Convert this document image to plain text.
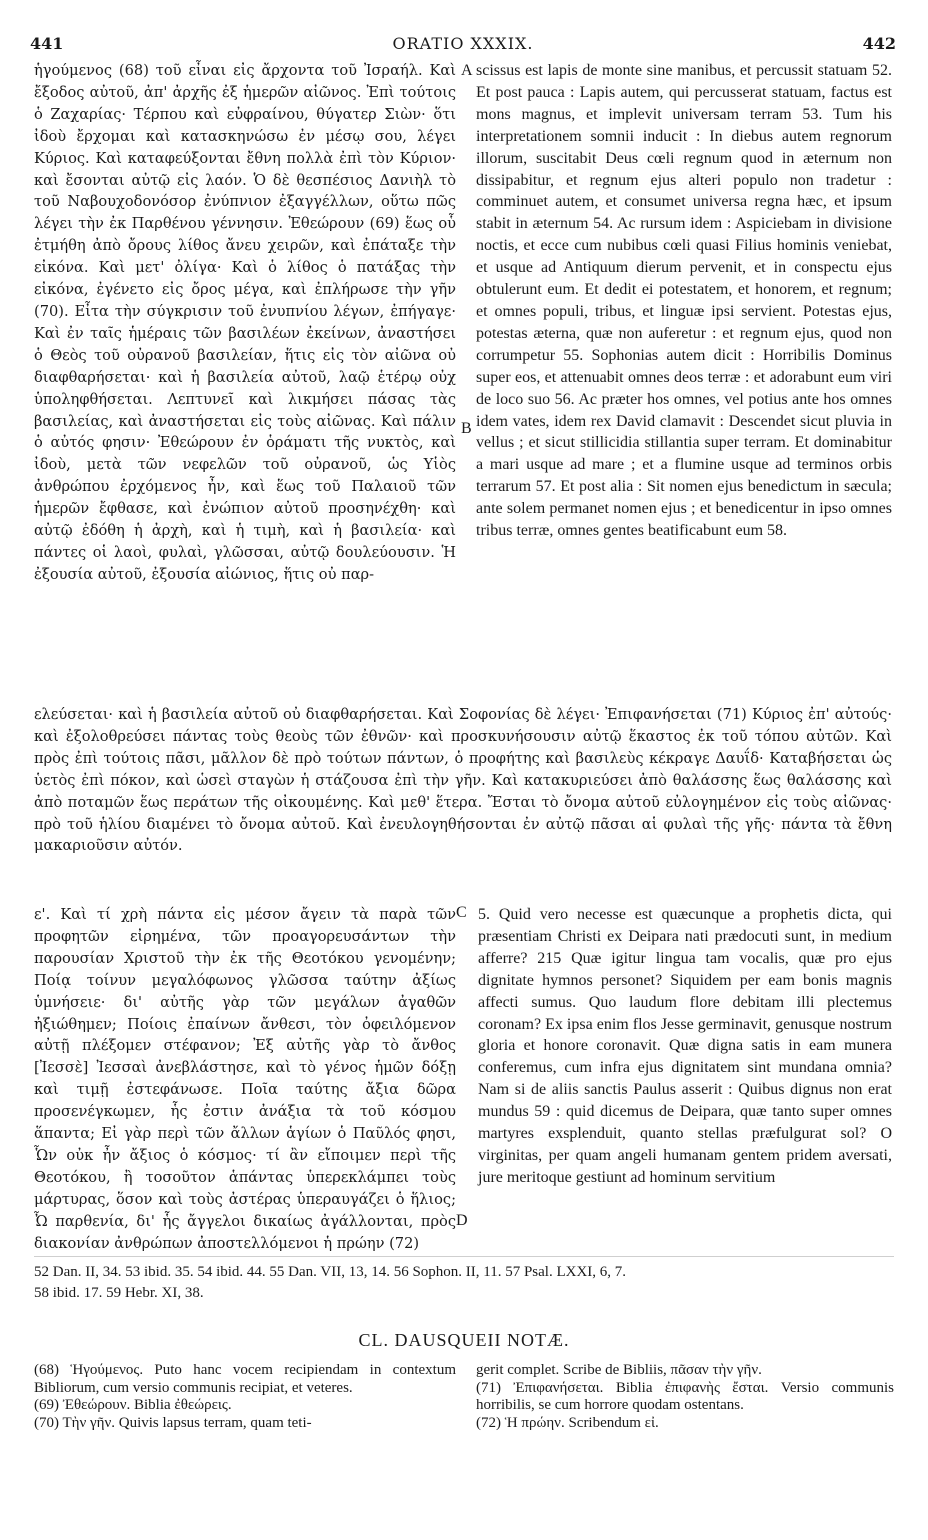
441	ORATIO XXXIX.	442
ἡγούμενος (68) τοῦ εἶναι εἰς ἄρχοντα τοῦ Ἰσραήλ. Καὶ ἔξοδος αὐτοῦ, ἀπ' ἀρχῆς ἐξ ἡμερῶν αἰῶνος. Ἐπὶ τούτοις ὁ Ζαχαρίας· Τέρπου καὶ εὐφραίνου, θύγατερ Σιὼν· ὅτι ἰδοὺ ἔρχομαι καὶ κατασκηνώσω ἐν μέσῳ σου, λέγει Κύριος. Καὶ καταφεύξονται ἔθνη πολλὰ ἐπὶ τὸν Κύριον· καὶ ἔσονται αὐτῷ εἰς λαόν. Ὁ δὲ θεσπέσιος Δανιὴλ τὸ τοῦ Ναβουχοδονόσορ ἐνύπνιον ἐξαγγέλλων, οὕτω πῶς λέγει τὴν ἐκ Παρθένου γέννησιν. Ἐθεώρουν (69) ἕως οὗ ἐτμήθη ἀπὸ ὄρους λίθος ἄνευ χειρῶν, καὶ ἐπάταξε τὴν εἰκόνα. Καὶ μετ' ὀλίγα· Καὶ ὁ λίθος ὁ πατάξας τὴν εἰκόνα, ἐγένετο εἰς ὄρος μέγα, καὶ ἐπλήρωσε τὴν γῆν (70). Εἶτα τὴν σύγκρισιν τοῦ ἐνυπνίου λέγων, ἐπήγαγε· Καὶ ἐν ταῖς ἡμέραις τῶν βασιλέων ἐκείνων, ἀναστήσει ὁ Θεὸς τοῦ οὐρανοῦ βασιλείαν, ἥτις εἰς τὸν αἰῶνα οὐ διαφθαρήσεται· καὶ ἡ βασιλεία αὐτοῦ, λαῷ ἑτέρῳ οὐχ ὑποληφθήσεται. Λεπτυνεῖ καὶ λικμήσει πάσας τὰς βασιλείας, καὶ ἀναστήσεται εἰς τοὺς αἰῶνας. Καὶ πάλιν ὁ αὐτός φησιν· Ἐθεώρουν ἐν ὁράματι τῆς νυκτὸς, καὶ ἰδοὺ, μετὰ τῶν νεφελῶν τοῦ οὐρανοῦ, ὡς Υἱὸς ἀνθρώπου ἐρχόμενος ἦν, καὶ ἕως τοῦ Παλαιοῦ τῶν ἡμερῶν ἔφθασε, καὶ ἐνώπιον αὐτοῦ προσηνέχθη· καὶ αὐτῷ ἐδόθη ἡ ἀρχὴ, καὶ ἡ τιμὴ, καὶ ἡ βασιλεία· καὶ πάντες οἱ λαοὶ, φυλαὶ, γλῶσσαι, αὐτῷ δουλεύουσιν. Ἡ ἐξουσία αὐτοῦ, ἐξουσία αἰώνιος, ἥτις οὐ παρ-
scissus est lapis de monte sine manibus, et percussit statuam 52. Et post pauca : Lapis autem, qui percusserat statuam, factus est mons magnus, et implevit universam terram 53. Tum his interpretationem somnii inducit : In diebus autem regnorum illorum, suscitabit Deus cœli regnum quod in æternum non dissipabitur, et regnum ejus alteri populo non tradetur : comminuet autem, et consumet universa regna hæc, et ipsum stabit in æternum 54. Ac rursum idem : Aspiciebam in divisione noctis, et ecce cum nubibus cœli quasi Filius hominis veniebat, et usque ad Antiquum dierum pervenit, et in conspectu ejus obtulerunt eum. Et dedit ei potestatem, et honorem, et regnum; et omnes populi, tribus, et linguæ ipsi servient. Potestas ejus, potestas æterna, quæ non auferetur : et regnum ejus, quod non corrumpetur 55. Sophonias autem dicit : Horribilis Dominus super eos, et attenuabit omnes deos terræ : et adorabunt eum viri de loco suo 56. Ac præter hos omnes, vel potius ante hos omnes idem vates, idem rex David clamavit : Descendet sicut pluvia in vellus ; et sicut stillicidia stillantia super terram. Et dominabitur a mari usque ad mare ; et a flumine usque ad terminos orbis terrarum 57. Et post alia : Sit nomen ejus benedictum in sæcula; ante solem permanet nomen ejus ; et benedicentur in ipso omnes tribus terræ, omnes gentes beatificabunt eum 58.
A
B
C
D
ελεύσεται· καὶ ἡ βασιλεία αὐτοῦ οὐ διαφθαρήσεται. Καὶ Σοφονίας δὲ λέγει· Ἐπιφανήσεται (71) Κύριος ἐπ' αὐτούς· καὶ ἐξολοθρεύσει πάντας τοὺς θεοὺς τῶν ἐθνῶν· καὶ προσκυνήσουσιν αὐτῷ ἕκαστος ἐκ τοῦ τόπου αὐτῶν. Καὶ πρὸς ἐπὶ τούτοις πᾶσι, μᾶλλον δὲ πρὸ τούτων πάντων, ὁ προφήτης καὶ βασιλεὺς κέκραγε Δαυΐδ· Καταβήσεται ὡς ὑετὸς ἐπὶ πόκον, καὶ ὡσεὶ σταγὼν ἡ στάζουσα ἐπὶ τὴν γῆν. Καὶ κατακυριεύσει ἀπὸ θαλάσσης ἕως θαλάσσης καὶ ἀπὸ ποταμῶν ἕως περάτων τῆς οἰκουμένης. Καὶ μεθ' ἕτερα. Ἔσται τὸ ὄνομα αὐτοῦ εὐλογημένον εἰς τοὺς αἰῶνας· πρὸ τοῦ ἡλίου διαμένει τὸ ὄνομα αὐτοῦ. Καὶ ἐνευλογηθήσονται ἐν αὐτῷ πᾶσαι αἱ φυλαὶ τῆς γῆς· πάντα τὰ ἔθνη μακαριοῦσιν αὐτόν.
ε'. Καὶ τί χρὴ πάντα εἰς μέσον ἄγειν τὰ παρὰ τῶν προφητῶν εἰρημένα, τῶν προαγορευσάντων τὴν παρουσίαν Χριστοῦ τὴν ἐκ τῆς Θεοτόκου γενομένην; Ποίᾳ τοίνυν μεγαλόφωνος γλῶσσα ταύτην ἀξίως ὑμνήσειε· δι' αὐτῆς γὰρ τῶν μεγάλων ἀγαθῶν ἠξιώθημεν; Ποίοις ἐπαίνων ἄνθεσι, τὸν ὀφειλόμενον αὐτῇ πλέξομεν στέφανον; Ἐξ αὐτῆς γὰρ τὸ ἄνθος [Ἰεσσὲ] Ἰεσσαὶ ἀνεβλάστησε, καὶ τὸ γένος ἡμῶν δόξῃ καὶ τιμῇ ἐστεφάνωσε. Ποῖα ταύτης ἄξια δῶρα προσενέγκωμεν, ἧς ἐστιν ἀνάξια τὰ τοῦ κόσμου ἅπαντα; Εἰ γὰρ περὶ τῶν ἄλλων ἁγίων ὁ Παῦλός φησι, Ὧν οὐκ ἦν ἄξιος ὁ κόσμος· τί ἂν εἴποιμεν περὶ τῆς Θεοτόκου, ἢ τοσοῦτον ἁπάντας ὑπερεκλάμπει τοὺς μάρτυρας, ὅσον καὶ τοὺς ἀστέρας ὑπεραυγάζει ὁ ἥλιος; Ὦ παρθενία, δι' ἧς ἄγγελοι δικαίως ἀγάλλονται, πρὸς διακονίαν ἀνθρώπων ἀποστελλόμενοι ἡ πρώην (72)
5. Quid vero necesse est quæcunque a prophetis dicta, qui præsentiam Christi ex Deipara nati prædocuti sunt, in medium afferre? 215 Quæ igitur lingua tam vocalis, quæ pro ejus dignitate hymnos personet? Siquidem per eam bonis magnis affecti sumus. Quo laudum flore debitam illi plectemus coronam? Ex ipsa enim flos Jesse germinavit, genusque nostrum gloria et honore coronavit. Quæ digna satis in eam munera conferemus, cum infra ejus dignitatem sint mundana omnia? Nam si de aliis sanctis Paulus asserit : Quibus dignus non erat mundus 59 : quid dicemus de Deipara, quæ tanto super omnes martyres exsplenduit, quanto stellas præfulgurat sol? O virginitas, per quam angeli humanam gentem pridem aversati, jure meritoque gestiunt ad hominum servitium
52 Dan. II, 34. 53 ibid. 35. 54 ibid. 44. 55 Dan. VII, 13, 14. 56 Sophon. II, 11. 57 Psal. LXXI, 6, 7.
58 ibid. 17. 59 Hebr. XI, 38.
CL. DAUSQUEII NOTÆ.

(68) Ἡγούμενος. Puto hanc vocem recipiendam in contextum Bibliorum, cum versio communis recipiat, et veteres.

(69) Ἐθεώρουν. Biblia ἐθεώρεις.

(70) Τὴν γῆν. Quivis lapsus terram, quam teti-

gerit complet. Scribe de Bibliis, πᾶσαν τὴν γῆν.

(71) Ἐπιφανήσεται. Biblia ἐπιφανὴς ἔσται. Versio communis horribilis, se cum horrore quodam ostentans.

(72) Ἡ πρώην. Scribendum εἰ.
